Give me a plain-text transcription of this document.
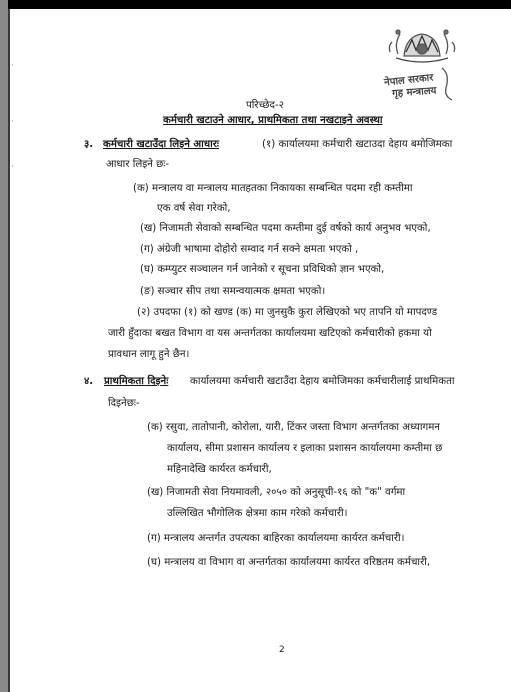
·
·
·
नेपाल सरकार
गृह मन्त्रालय
परिच्छेद-२
कर्मचारी खटाउने आधार, प्राथमिकता तथा नखटाइने अवस्था
३. कर्मचारी खटाउँदा लिइने आधारः	(१) कार्यालयमा कर्मचारी खटाउदा देहाय बमोजिमका
आधार लिइने छः-
(क) मन्त्रालय वा मन्त्रालय मातहतका निकायका सम्बन्धित पदमा रही कम्तीमा
एक वर्ष सेवा गरेको,
(ख) निजामती सेवाको सम्बन्धित पदमा कम्तीमा दुई वर्षको कार्य अनुभव भएको,
(ग) अंग्रेजी भाषामा दोहोरो सम्वाद गर्न सक्ने क्षमता भएको ,
(घ) कम्प्युटर सञ्चालन गर्न जानेको र सूचना प्रविधिको ज्ञान भएको,
(ङ) सञ्चार सीप तथा समन्वयात्मक क्षमता भएको।
(२) उपदफा (१) को खण्ड (क) मा जुनसुकै कुरा लेखिएको भए तापनि यो मापदण्ड
जारी हुँदाका बखत विभाग वा यस अन्तर्गतका कार्यालयमा खटिएको कर्मचारीको हकमा यो
प्रावधान लागू हुने छैन।
४. प्राथमिकता दिइनेः कार्यालयमा कर्मचारी खटाउँदा देहाय बमोजिमका कर्मचारीलाई प्राथमिकता
दिइनेछः-
(क) रसुवा, तातोपानी, कोरोला, यारी, टिंकर जस्ता विभाग अन्तर्गतका अध्यागमन
कार्यालय, सीमा प्रशासन कार्यालय र इलाका प्रशासन कार्यालयमा कम्तीमा छ
महिनादेखि कार्यरत कर्मचारी,
(ख) निजामती सेवा नियमावली, २०५० को अनुसूची-१६ को "क" वर्गमा
उल्लिखित भौगोलिक क्षेत्रमा काम गरेको कर्मचारी।
(ग) मन्त्रालय अन्तर्गत उपत्यका बाहिरका कार्यालयमा कार्यरत कर्मचारी।
(घ) मन्त्रालय वा विभाग वा अन्तर्गतका कार्यालयमा कार्यरत वरिष्ठतम कर्मचारी,
2
